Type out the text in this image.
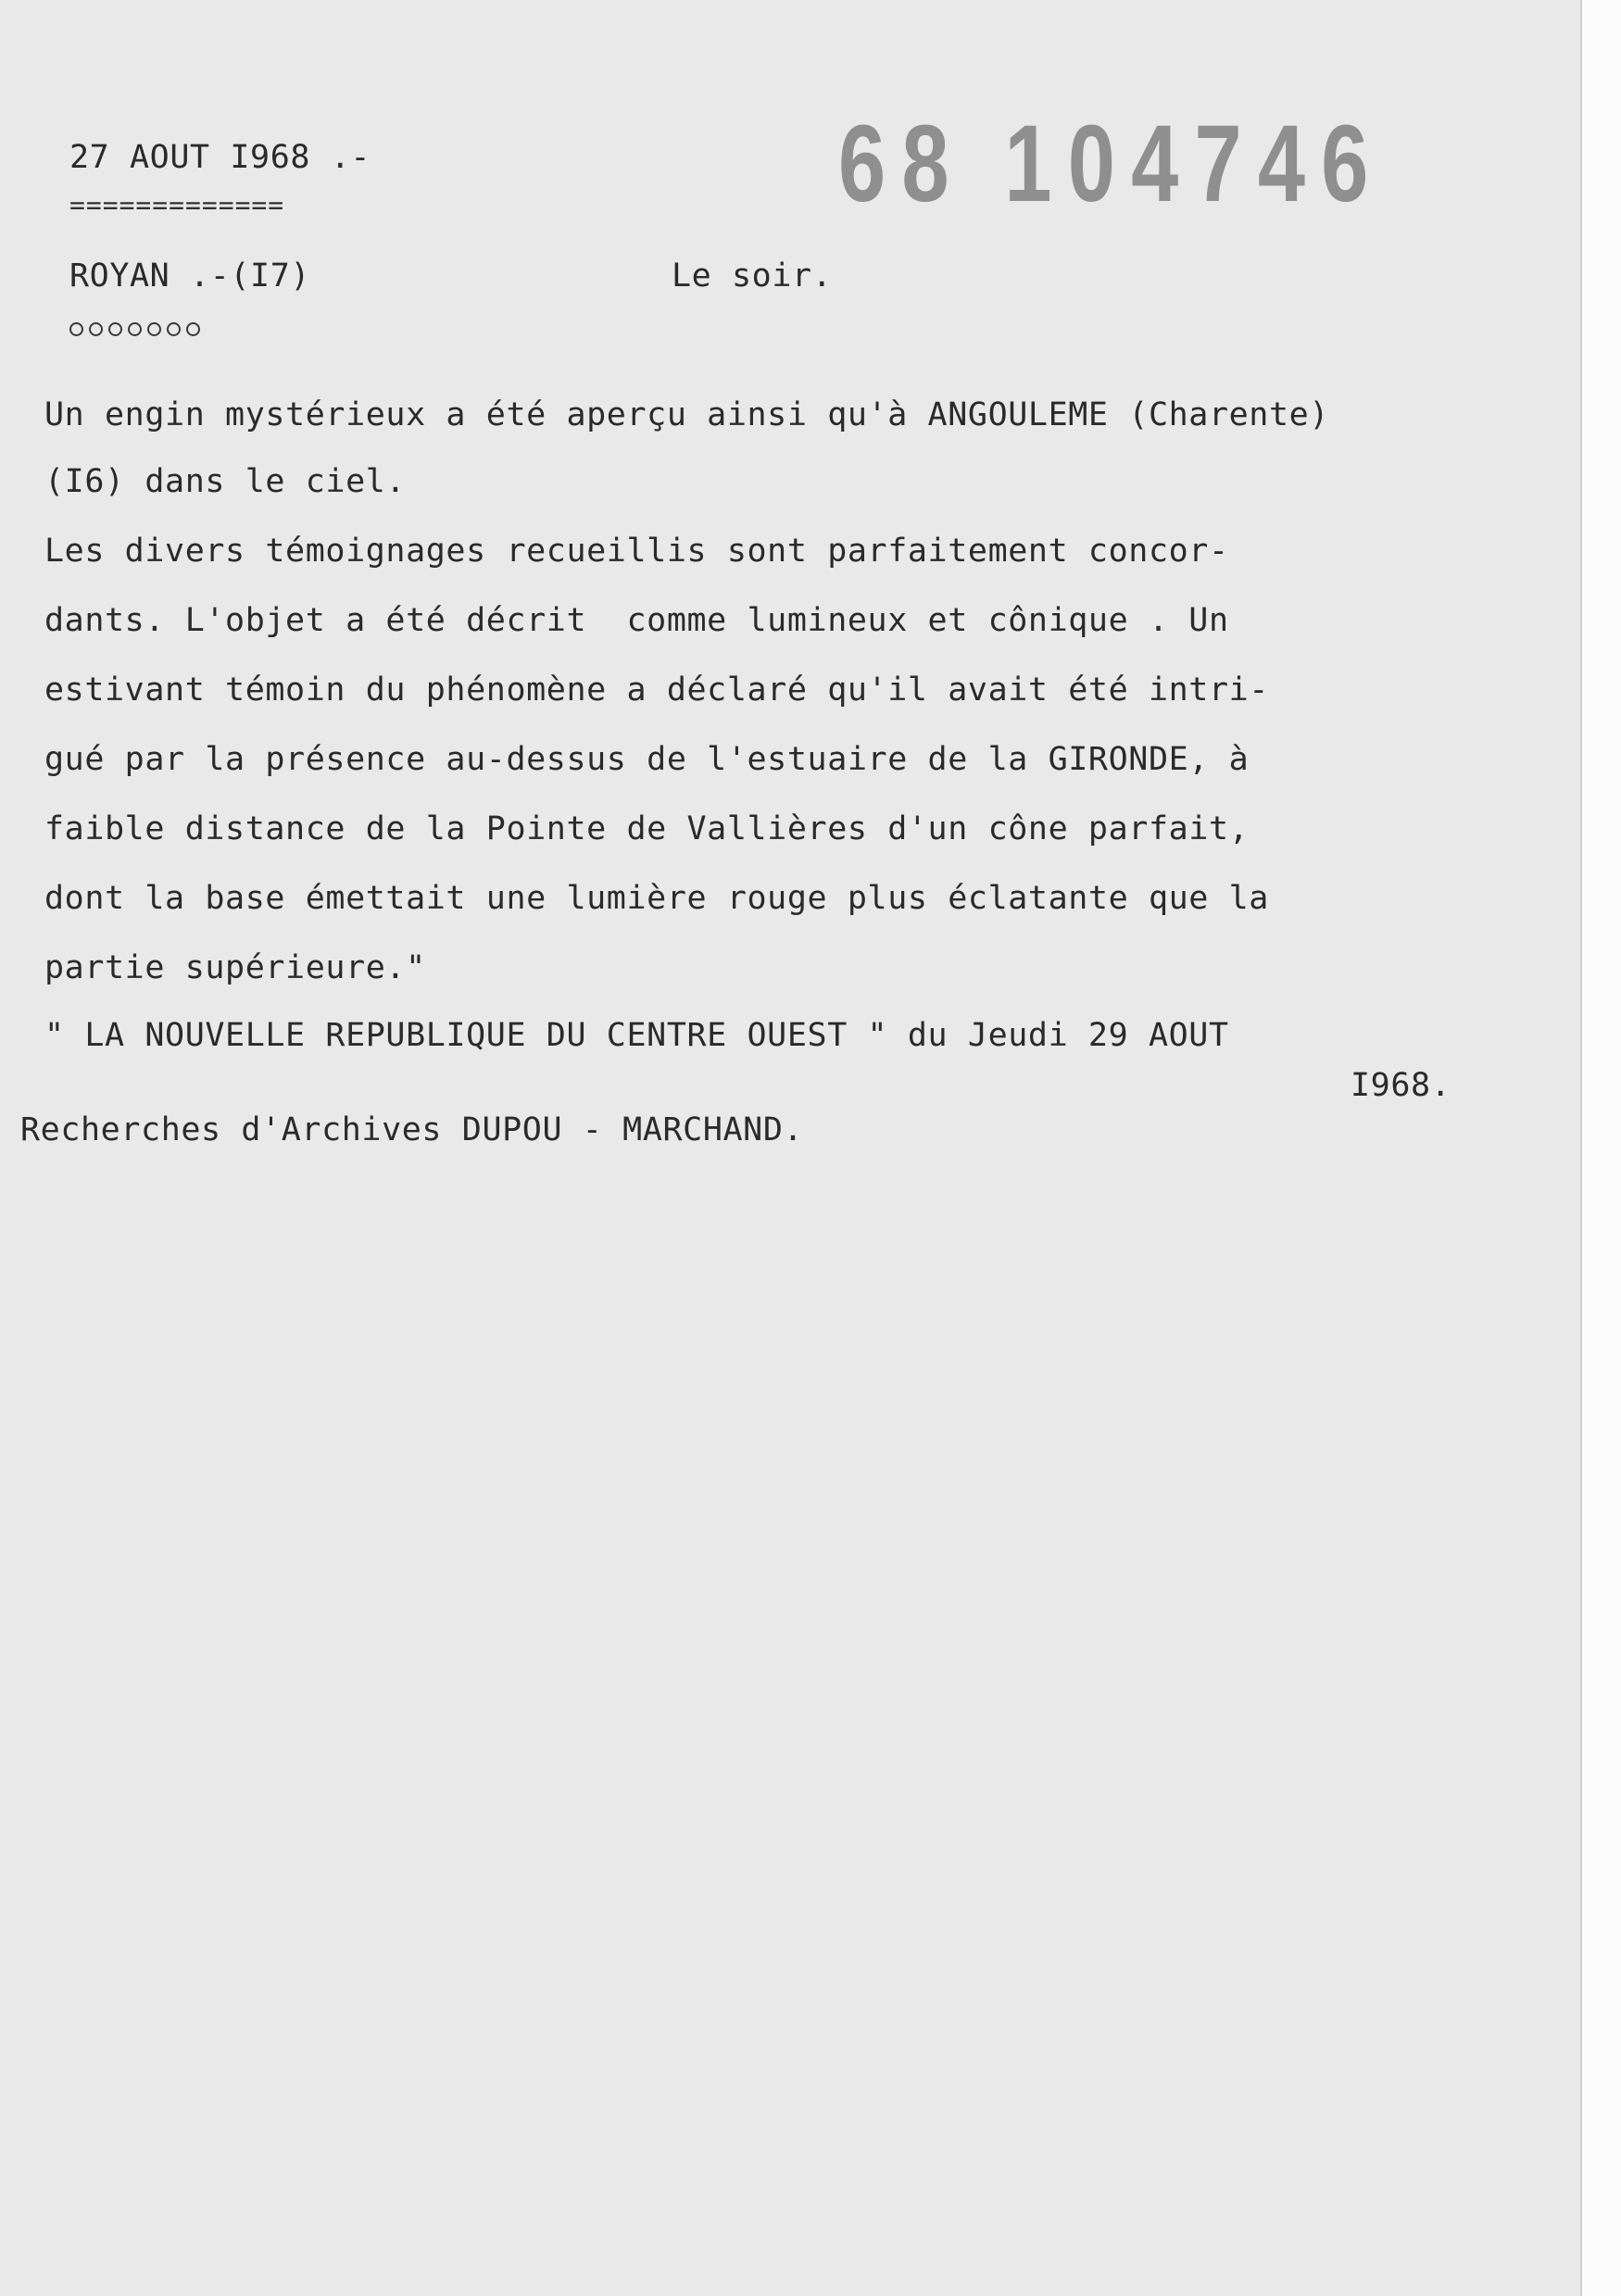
27 AOUT I968 .-
=============	68 104746
ROYAN .-(I7)	Le soir.
Un engin mystérieux a été aperçu ainsi qu'à ANGOULEME (Charente)
(I6) dans le ciel.
Les divers témoignages recueillis sont parfaitement concor-
dants. L'objet a été décrit  comme lumineux et cônique . Un
estivant témoin du phénomène a déclaré qu'il avait été intri-
gué par la présence au-dessus de l'estuaire de la GIRONDE, à
faible distance de la Pointe de Vallières d'un cône parfait,
dont la base émettait une lumière rouge plus éclatante que la
partie supérieure."
" LA NOUVELLE REPUBLIQUE DU CENTRE OUEST " du Jeudi 29 AOUT
I968.
Recherches d'Archives DUPOU - MARCHAND.
